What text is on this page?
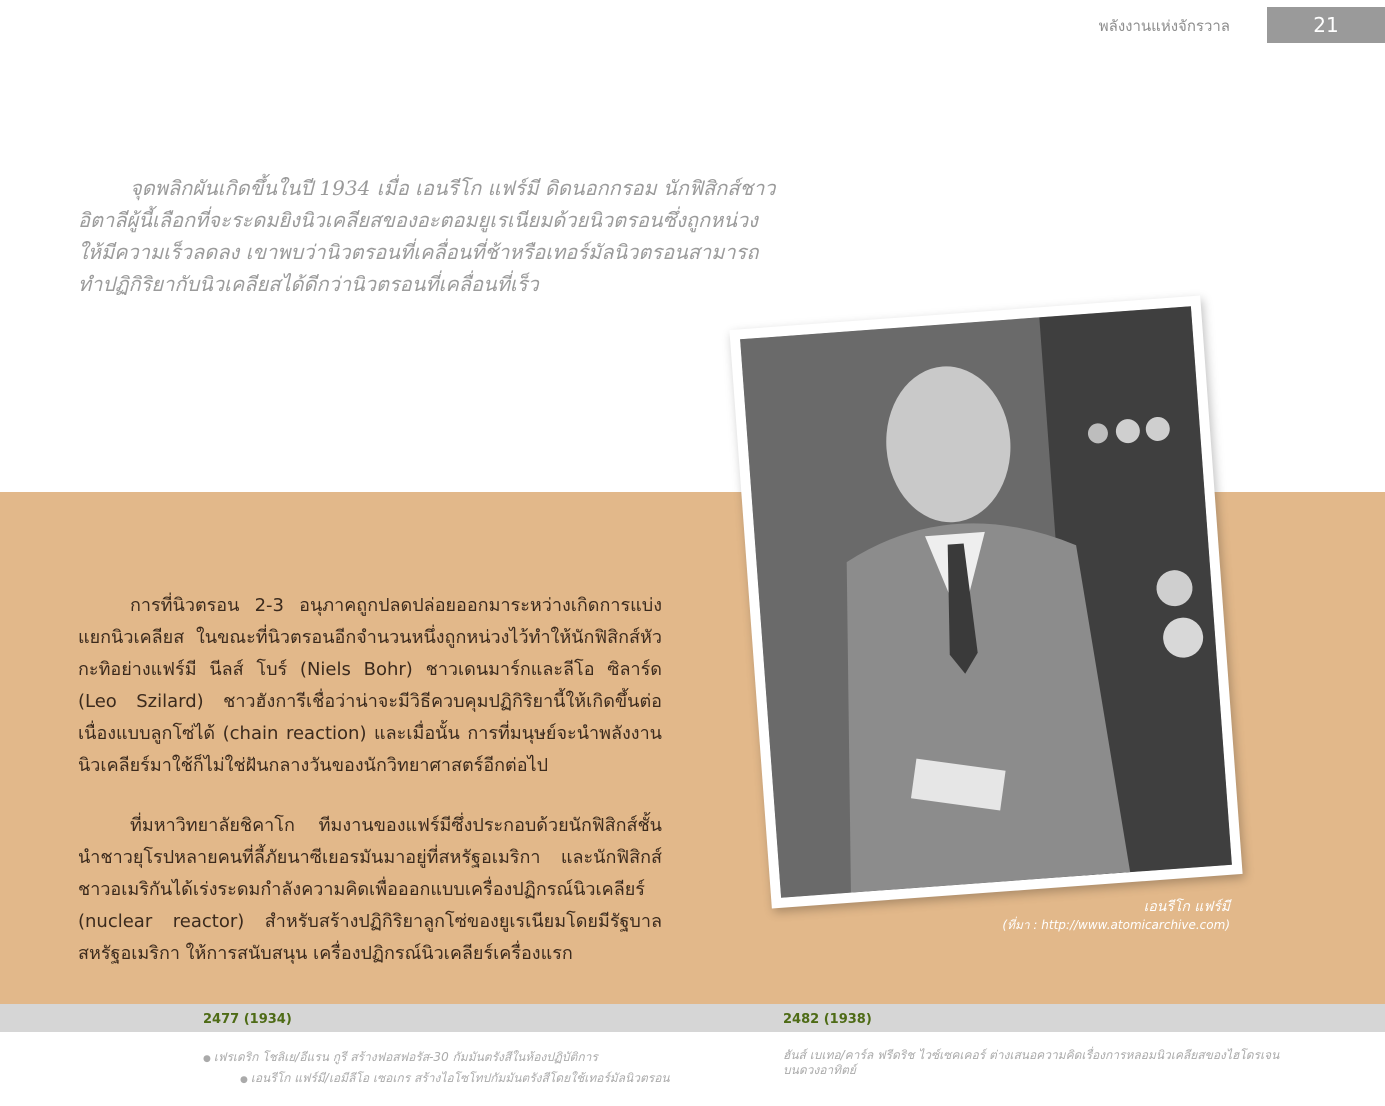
พลังงานแห่งจักรวาล	21

จุดพลิกผันเกิดขึ้นในปี 1934 เมื่อ เอนรีโก แฟร์มี ดิดนอกกรอม นักฟิสิกส์ชาวอิตาลีผู้นี้เลือกที่จะระดมยิงนิวเคลียสของอะตอมยูเรเนียมด้วยนิวตรอนซึ่งถูกหน่วงให้มีความเร็วลดลง เขาพบว่านิวตรอนที่เคลื่อนที่ช้าหรือเทอร์มัลนิวตรอนสามารถทำปฏิกิริยากับนิวเคลียสได้ดีกว่านิวตรอนที่เคลื่อนที่เร็ว

การที่นิวตรอน 2-3 อนุภาคถูกปลดปล่อยออกมาระหว่างเกิดการแบ่งแยกนิวเคลียส ในขณะที่นิวตรอนอีกจำนวนหนึ่งถูกหน่วงไว้ทำให้นักฟิสิกส์หัวกะทิอย่างแฟร์มี นีลส์ โบร์ (Niels Bohr) ชาวเดนมาร์กและลีโอ ซิลาร์ด (Leo Szilard) ชาวฮังการีเชื่อว่าน่าจะมีวิธีควบคุมปฏิกิริยานี้ให้เกิดขึ้นต่อเนื่องแบบลูกโซ่ได้ (chain reaction) และเมื่อนั้น การที่มนุษย์จะนำพลังงานนิวเคลียร์มาใช้ก็ไม่ใช่ฝันกลางวันของนักวิทยาศาสตร์อีกต่อไป

ที่มหาวิทยาลัยชิคาโก ทีมงานของแฟร์มีซึ่งประกอบด้วยนักฟิสิกส์ชั้นนำชาวยุโรปหลายคนที่ลี้ภัยนาซีเยอรมันมาอยู่ที่สหรัฐอเมริกา และนักฟิสิกส์ชาวอเมริกันได้เร่งระดมกำลังความคิดเพื่อออกแบบเครื่องปฏิกรณ์นิวเคลียร์ (nuclear reactor) สำหรับสร้างปฏิกิริยาลูกโซ่ของยูเรเนียมโดยมีรัฐบาลสหรัฐอเมริกา ให้การสนับสนุน เครื่องปฏิกรณ์นิวเคลียร์เครื่องแรก

เอนรีโก แฟร์มี
(ที่มา : http://www.atomicarchive.com)
2477 (1934)	2482 (1938)
● เฟรเดริก โชลิเย/อีแรน กูรี สร้างฟอสฟอรัส-30 กัมมันตรังสีในห้องปฏิบัติการ
● เอนรีโก แฟร์มี/เอมีลีโอ เซอเกร สร้างไอโซโทปกัมมันตรังสีโดยใช้เทอร์มัลนิวตรอน
ฮันส์ เบเทอ/คาร์ล ฟรีดริช ไวซ์เซคเคอร์ ต่างเสนอความคิดเรื่องการหลอมนิวเคลียสของไฮโดรเจนบนดวงอาทิตย์
